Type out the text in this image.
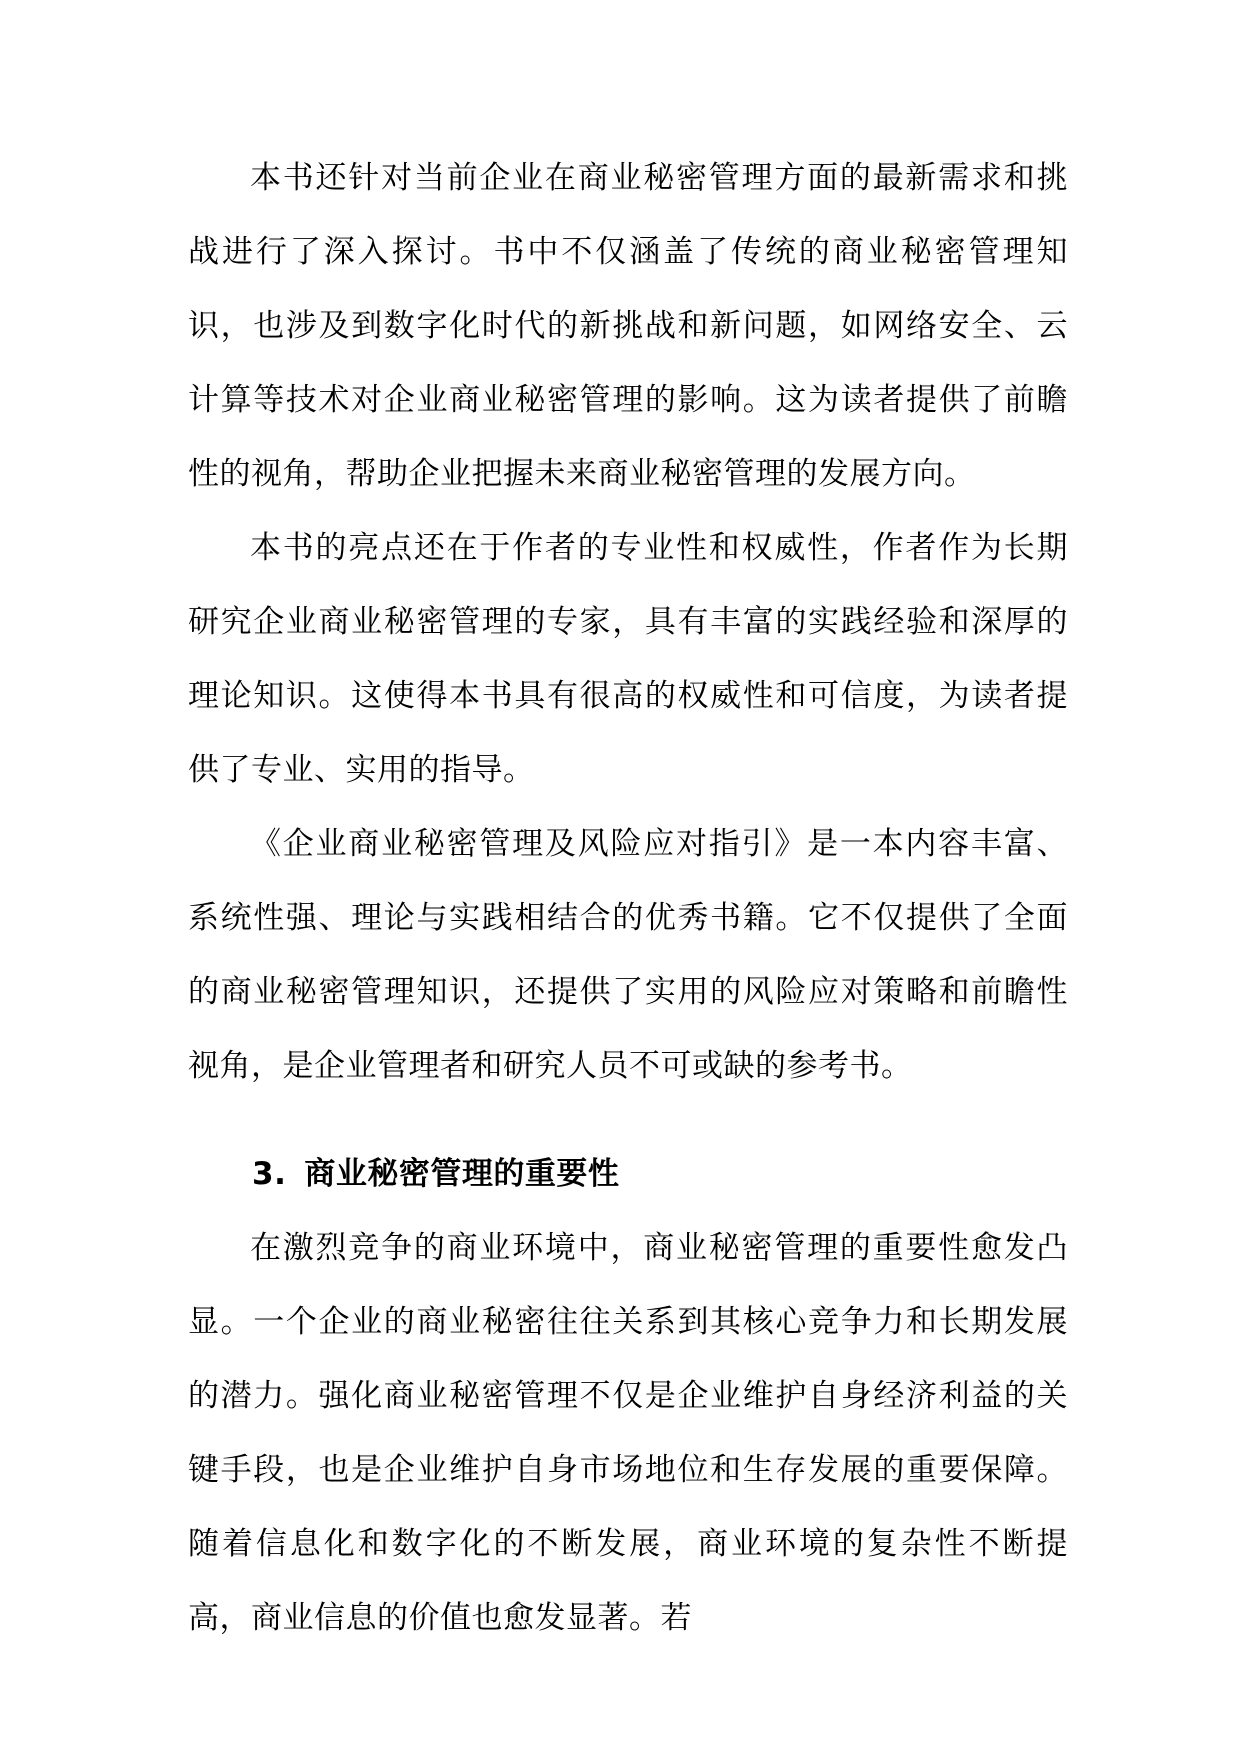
本书还针对当前企业在商业秘密管理方面的最新需求和挑战进行了深入探讨。书中不仅涵盖了传统的商业秘密管理知识，也涉及到数字化时代的新挑战和新问题，如网络安全、云计算等技术对企业商业秘密管理的影响。这为读者提供了前瞻性的视角，帮助企业把握未来商业秘密管理的发展方向。

本书的亮点还在于作者的专业性和权威性，作者作为长期研究企业商业秘密管理的专家，具有丰富的实践经验和深厚的理论知识。这使得本书具有很高的权威性和可信度，为读者提供了专业、实用的指导。

《企业商业秘密管理及风险应对指引》是一本内容丰富、系统性强、理论与实践相结合的优秀书籍。它不仅提供了全面的商业秘密管理知识，还提供了实用的风险应对策略和前瞻性视角，是企业管理者和研究人员不可或缺的参考书。

3. 商业秘密管理的重要性

在激烈竞争的商业环境中，商业秘密管理的重要性愈发凸显。一个企业的商业秘密往往关系到其核心竞争力和长期发展的潜力。强化商业秘密管理不仅是企业维护自身经济利益的关键手段，也是企业维护自身市场地位和生存发展的重要保障。随着信息化和数字化的不断发展，商业环境的复杂性不断提高，商业信息的价值也愈发显著。若
